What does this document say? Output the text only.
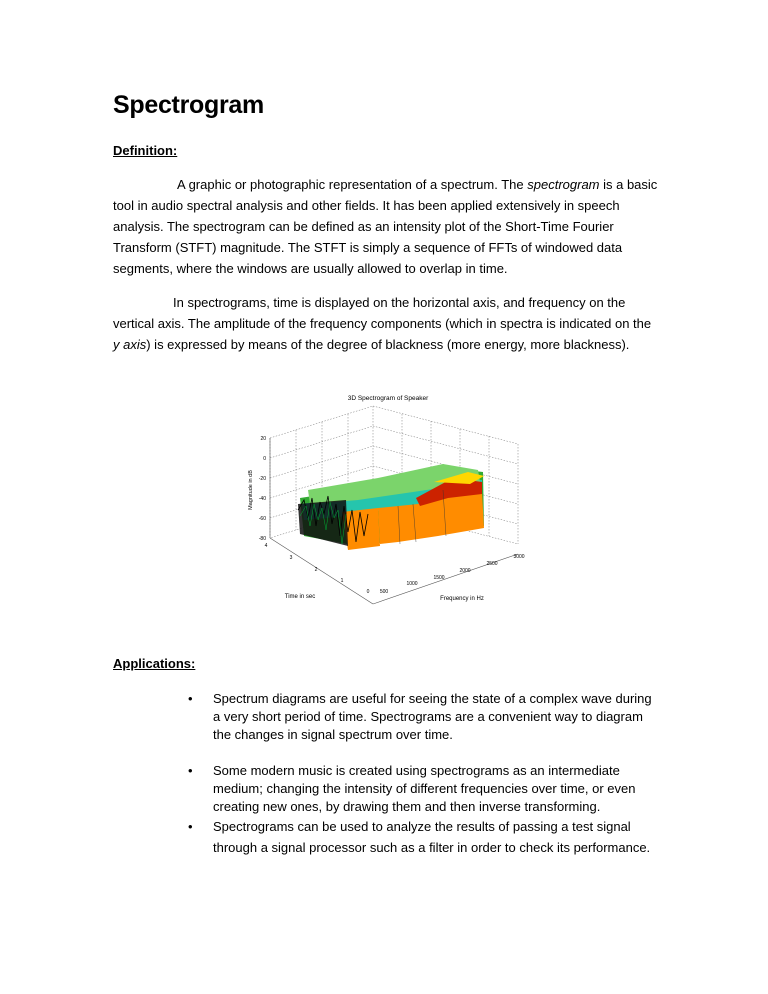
Spectrogram
Definition:
A graphic or photographic representation of a spectrum. The spectrogram is a basic tool in audio spectral analysis and other fields. It has been applied extensively in speech analysis. The spectrogram can be defined as an intensity plot of the Short-Time Fourier Transform (STFT) magnitude. The STFT is simply a sequence of FFTs of windowed data segments, where the windows are usually allowed to overlap in time.
In spectrograms, time is displayed on the horizontal axis, and frequency on the vertical axis. The amplitude of the frequency components (which in spectra is indicated on the y axis) is expressed by means of the degree of blackness (more energy, more blackness).
3D Spectrogram of Speaker
20
0
-20
-40
-60
-80
Magnitude in dB
4
3
2
1
0
Time in sec
500
1000
1500
2000
2500
3000
Frequency in Hz
Applications:
• Spectrum diagrams are useful for seeing the state of a complex wave during a very short period of time. Spectrograms are a convenient way to diagram the changes in signal spectrum over time.
• Some modern music is created using spectrograms as an intermediate medium; changing the intensity of different frequencies over time, or even creating new ones, by drawing them and then inverse transforming.
• Spectrograms can be used to analyze the results of passing a test signal through a signal processor such as a filter in order to check its performance.
